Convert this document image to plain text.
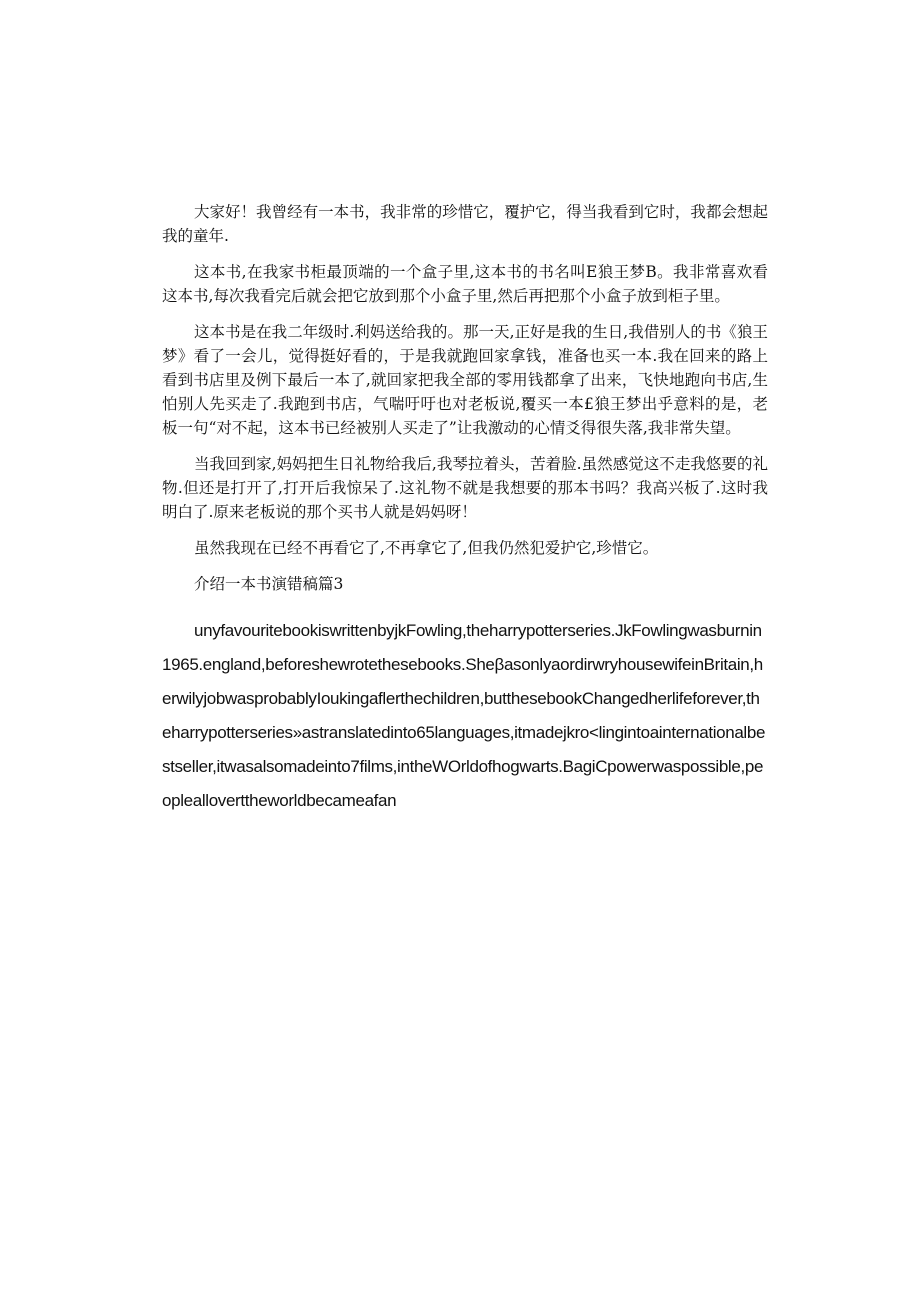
大家好！我曾经有一本书，我非常的珍惜它，覆护它，得当我看到它时，我都会想起我的童年.

这本书,在我家书柜最顶端的一个盒子里,这本书的书名叫E狼王梦B。我非常喜欢看这本书,每次我看完后就会把它放到那个小盒子里,然后再把那个小盒子放到柜子里。

这本书是在我二年级时.利妈送给我的。那一天,正好是我的生日,我借别人的书《狼王梦》看了一会儿，觉得挺好看的，于是我就跑回家拿钱，准备也买一本.我在回来的路上看到书店里及例下最后一本了,就回家把我全部的零用钱都拿了出来，飞快地跑向书店,生怕别人先买走了.我跑到书店，气喘吁吁也对老板说,覆买一本£狼王梦出乎意料的是，老板一句“对不起，这本书已经被别人买走了”让我激动的心情爻得很失落,我非常失望。

当我回到家,妈妈把生日礼物给我后,我琴拉着头，苦着脸.虽然感觉这不走我悠要的礼物.但还是打开了,打开后我惊呆了.这礼物不就是我想要的那本书吗？我高兴板了.这时我明白了.原来老板说的那个买书人就是妈妈呀！

虽然我现在已经不再看它了,不再拿它了,但我仍然犯爱护它,珍惜它。

介绍一本书演错稿篇3

unyfavouritebookiswrittenbyjkFowling,theharrypotterseries.JkFowlingwasburnin1965.england,beforeshewrotethesebooks.SheβasonlyaordirwryhousewifeinBritain,herwilyjobwasprobablyIoukingaflerthechildren,butthesebookChangedherlifeforever,theharrypotterseries»astranslatedinto65languages,itmadejkro<lingintoainternationalbestseller,itwasalsomadeinto7films,intheWOrldofhogwarts.BagiCpowerwaspossible,peoplealloverttheworldbecameafan
